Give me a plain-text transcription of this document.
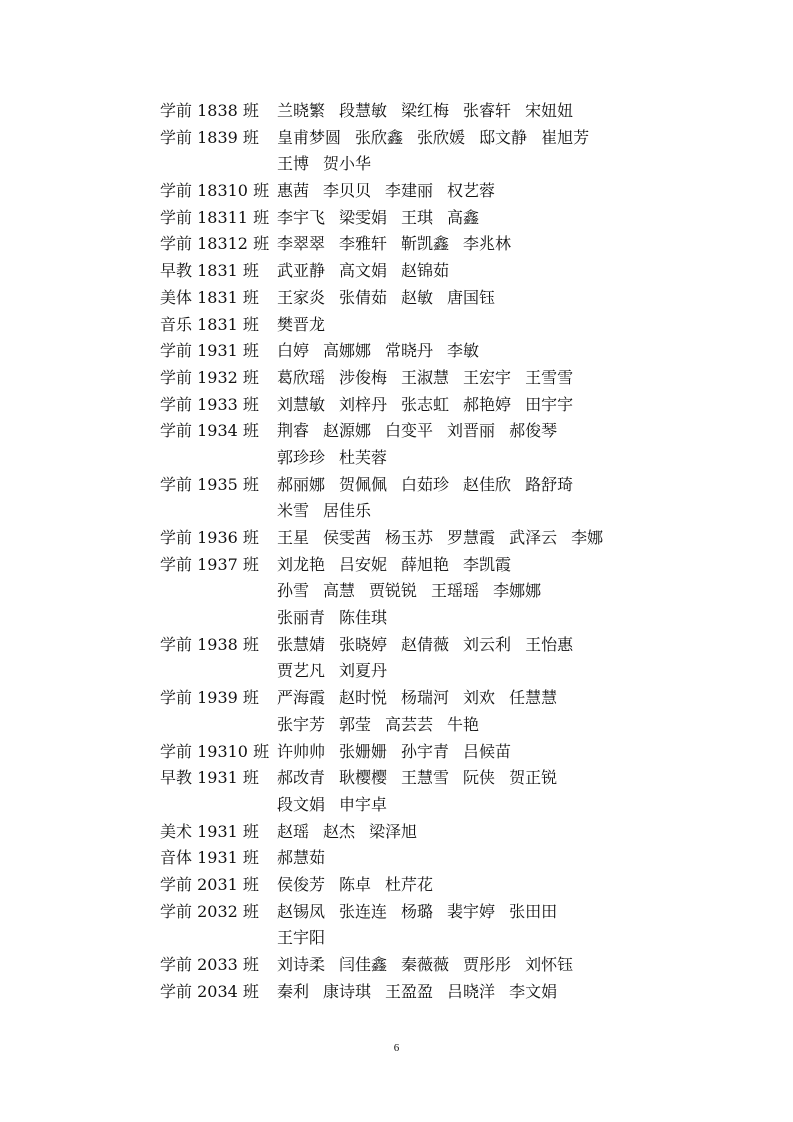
学前 1838 班	兰晓繁 段慧敏 梁红梅 张睿轩 宋妞妞
学前 1839 班	皇甫梦圆 张欣鑫 张欣媛 邸文静 崔旭芳
王博 贺小华
学前 18310 班 惠茜 李贝贝 李建丽 权艺蓉
学前 18311 班 李宇飞 梁雯娟 王琪 高鑫
学前 18312 班 李翠翠 李雅轩 靳凯鑫 李兆林
早教 1831 班	武亚静 高文娟 赵锦茹
美体 1831 班	王家炎 张倩茹 赵敏 唐国钰
音乐 1831 班	樊晋龙
学前 1931 班	白婷 高娜娜 常晓丹 李敏
学前 1932 班	葛欣瑶 涉俊梅 王淑慧 王宏宇 王雪雪
学前 1933 班	刘慧敏 刘梓丹 张志虹 郝艳婷 田宇宇
学前 1934 班	荆睿 赵源娜 白变平 刘晋丽 郝俊琴
郭珍珍 杜芙蓉
学前 1935 班	郝丽娜 贺佩佩 白茹珍 赵佳欣 路舒琦
米雪 居佳乐
学前 1936 班	王星 侯雯茜 杨玉苏 罗慧霞 武泽云 李娜
学前 1937 班	刘龙艳 吕安妮 薛旭艳 李凯霞
孙雪 高慧 贾锐锐 王瑶瑶 李娜娜
张丽青 陈佳琪
学前 1938 班	张慧婧 张晓婷 赵倩薇 刘云利 王怡惠
贾艺凡 刘夏丹
学前 1939 班	严海霞 赵时悦 杨瑞河 刘欢 任慧慧
张宇芳 郭莹 高芸芸 牛艳
学前 19310 班 许帅帅 张姗姗 孙宇青 吕候苗
早教 1931 班	郝改青 耿樱樱 王慧雪 阮侠 贺正锐
段文娟 申宇卓
美术 1931 班	赵瑶 赵杰 梁泽旭
音体 1931 班	郝慧茹
学前 2031 班	侯俊芳 陈卓 杜芹花
学前 2032 班	赵锡凤 张连连 杨璐 裴宇婷 张田田
王宇阳
学前 2033 班	刘诗柔 闫佳鑫 秦薇薇 贾彤彤 刘怀钰
学前 2034 班	秦利 康诗琪 王盈盈 吕晓洋 李文娟
6
